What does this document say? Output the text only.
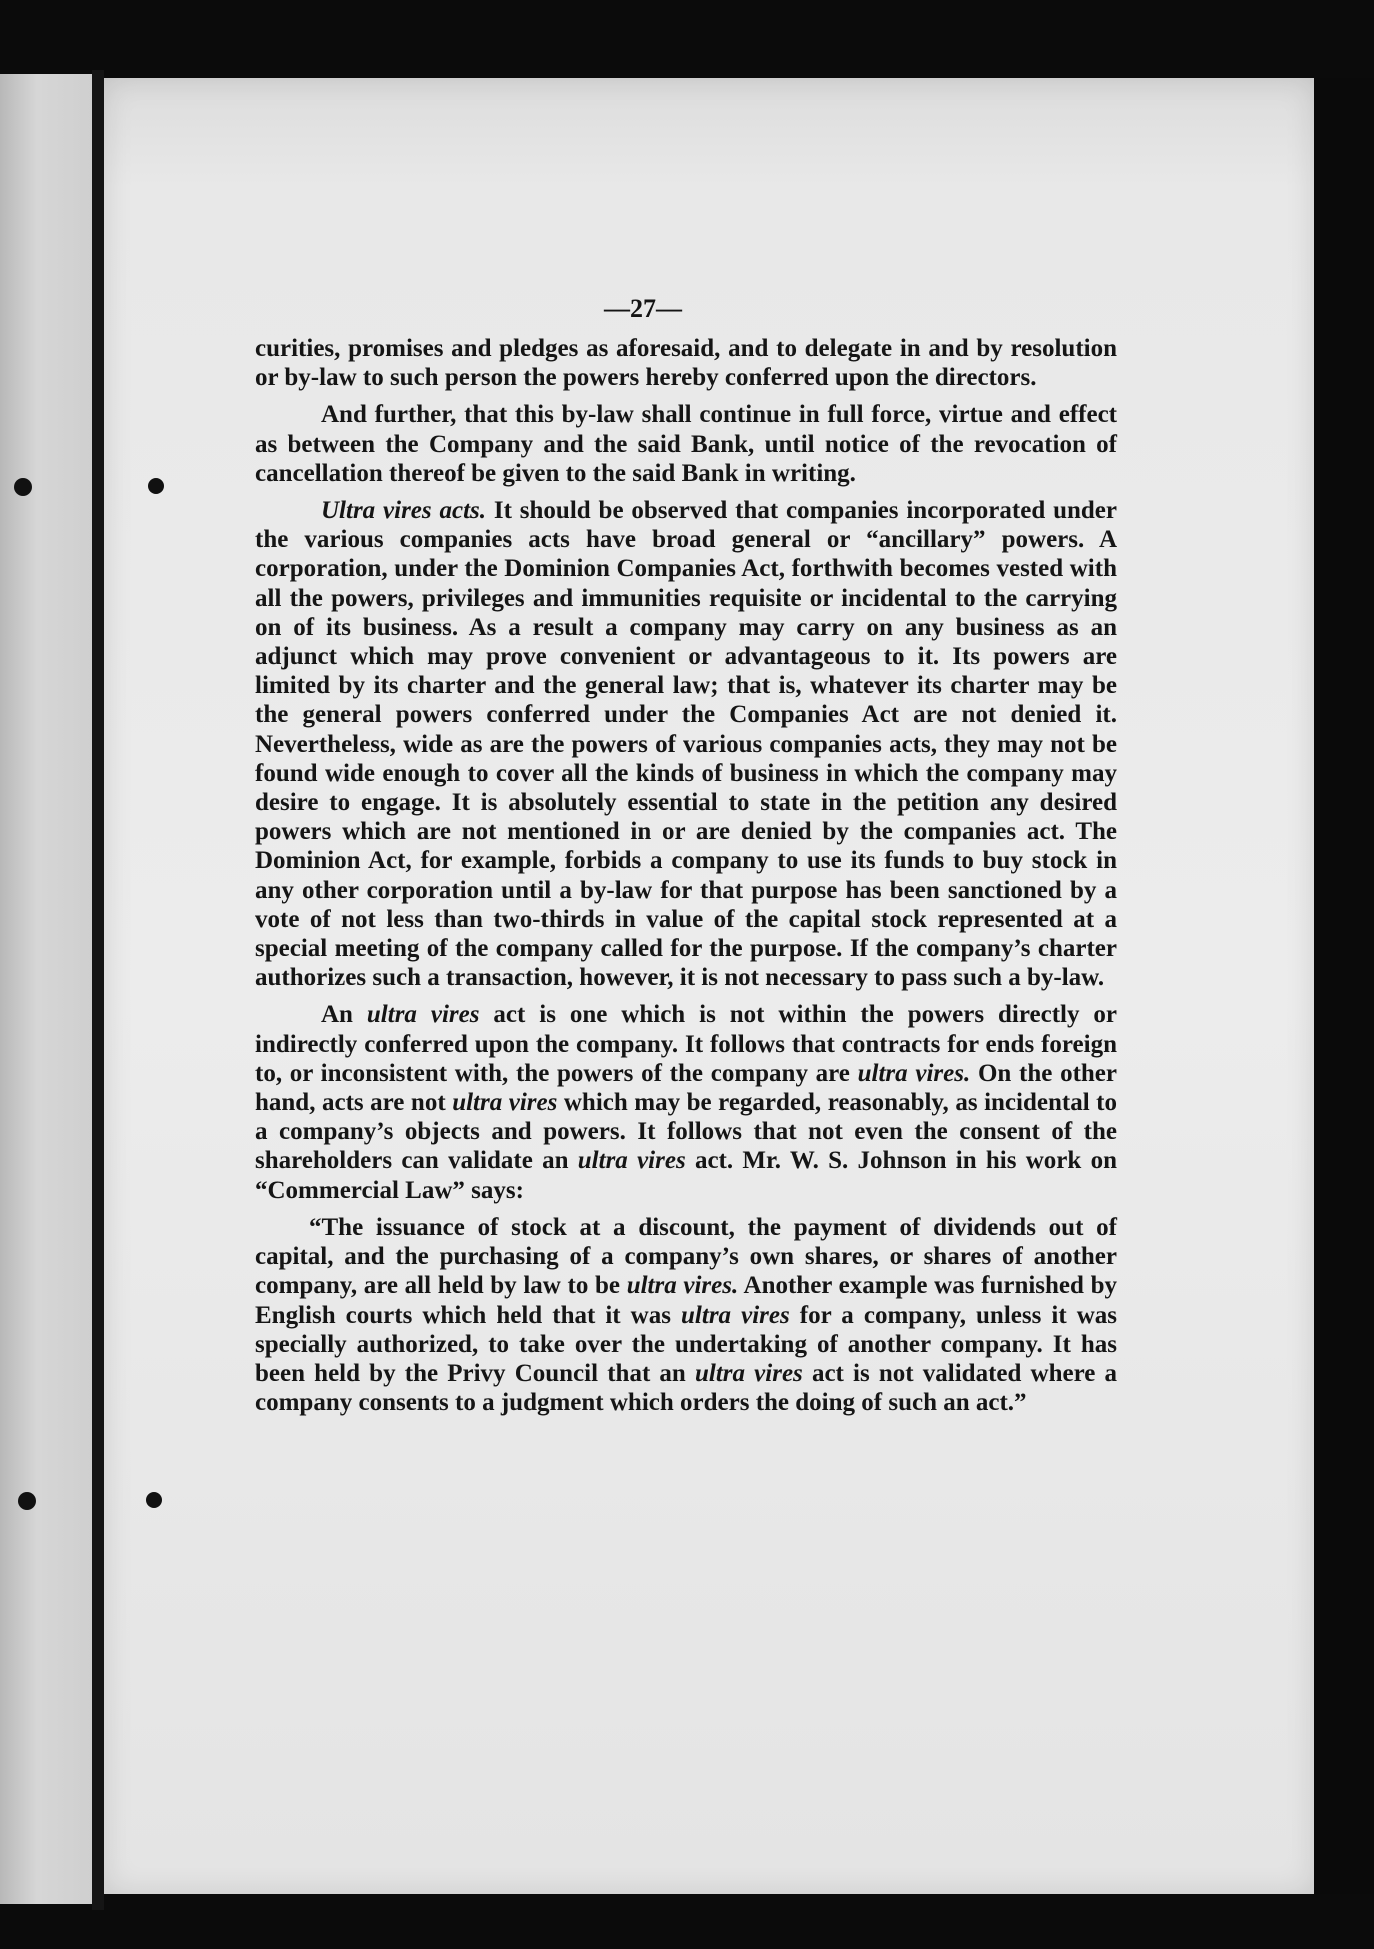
—27—

curities, promises and pledges as aforesaid, and to delegate in and by resolution or by-law to such person the powers hereby conferred upon the directors.

And further, that this by-law shall continue in full force, virtue and effect as between the Company and the said Bank, until notice of the revocation of cancellation thereof be given to the said Bank in writing.

Ultra vires acts. It should be observed that companies incorporated under the various companies acts have broad general or “ancillary” powers. A corporation, under the Dominion Companies Act, forthwith becomes vested with all the powers, privileges and immunities requisite or incidental to the carrying on of its business. As a result a company may carry on any business as an adjunct which may prove convenient or advantageous to it. Its powers are limited by its charter and the general law; that is, whatever its charter may be the general powers conferred under the Companies Act are not denied it. Nevertheless, wide as are the powers of various companies acts, they may not be found wide enough to cover all the kinds of business in which the company may desire to engage. It is absolutely essential to state in the petition any desired powers which are not mentioned in or are denied by the companies act. The Dominion Act, for example, forbids a company to use its funds to buy stock in any other corporation until a by-law for that purpose has been sanctioned by a vote of not less than two-thirds in value of the capital stock represented at a special meeting of the company called for the purpose. If the company’s charter authorizes such a transaction, however, it is not necessary to pass such a by-law.

An ultra vires act is one which is not within the powers directly or indirectly conferred upon the company. It follows that contracts for ends foreign to, or inconsistent with, the powers of the company are ultra vires. On the other hand, acts are not ultra vires which may be regarded, reasonably, as incidental to a company’s objects and powers. It follows that not even the consent of the shareholders can validate an ultra vires act. Mr. W. S. Johnson in his work on “Commercial Law” says:

“The issuance of stock at a discount, the payment of dividends out of capital, and the purchasing of a company’s own shares, or shares of another company, are all held by law to be ultra vires. Another example was furnished by English courts which held that it was ultra vires for a company, unless it was specially authorized, to take over the undertaking of another company. It has been held by the Privy Council that an ultra vires act is not validated where a company consents to a judgment which orders the doing of such an act.”
